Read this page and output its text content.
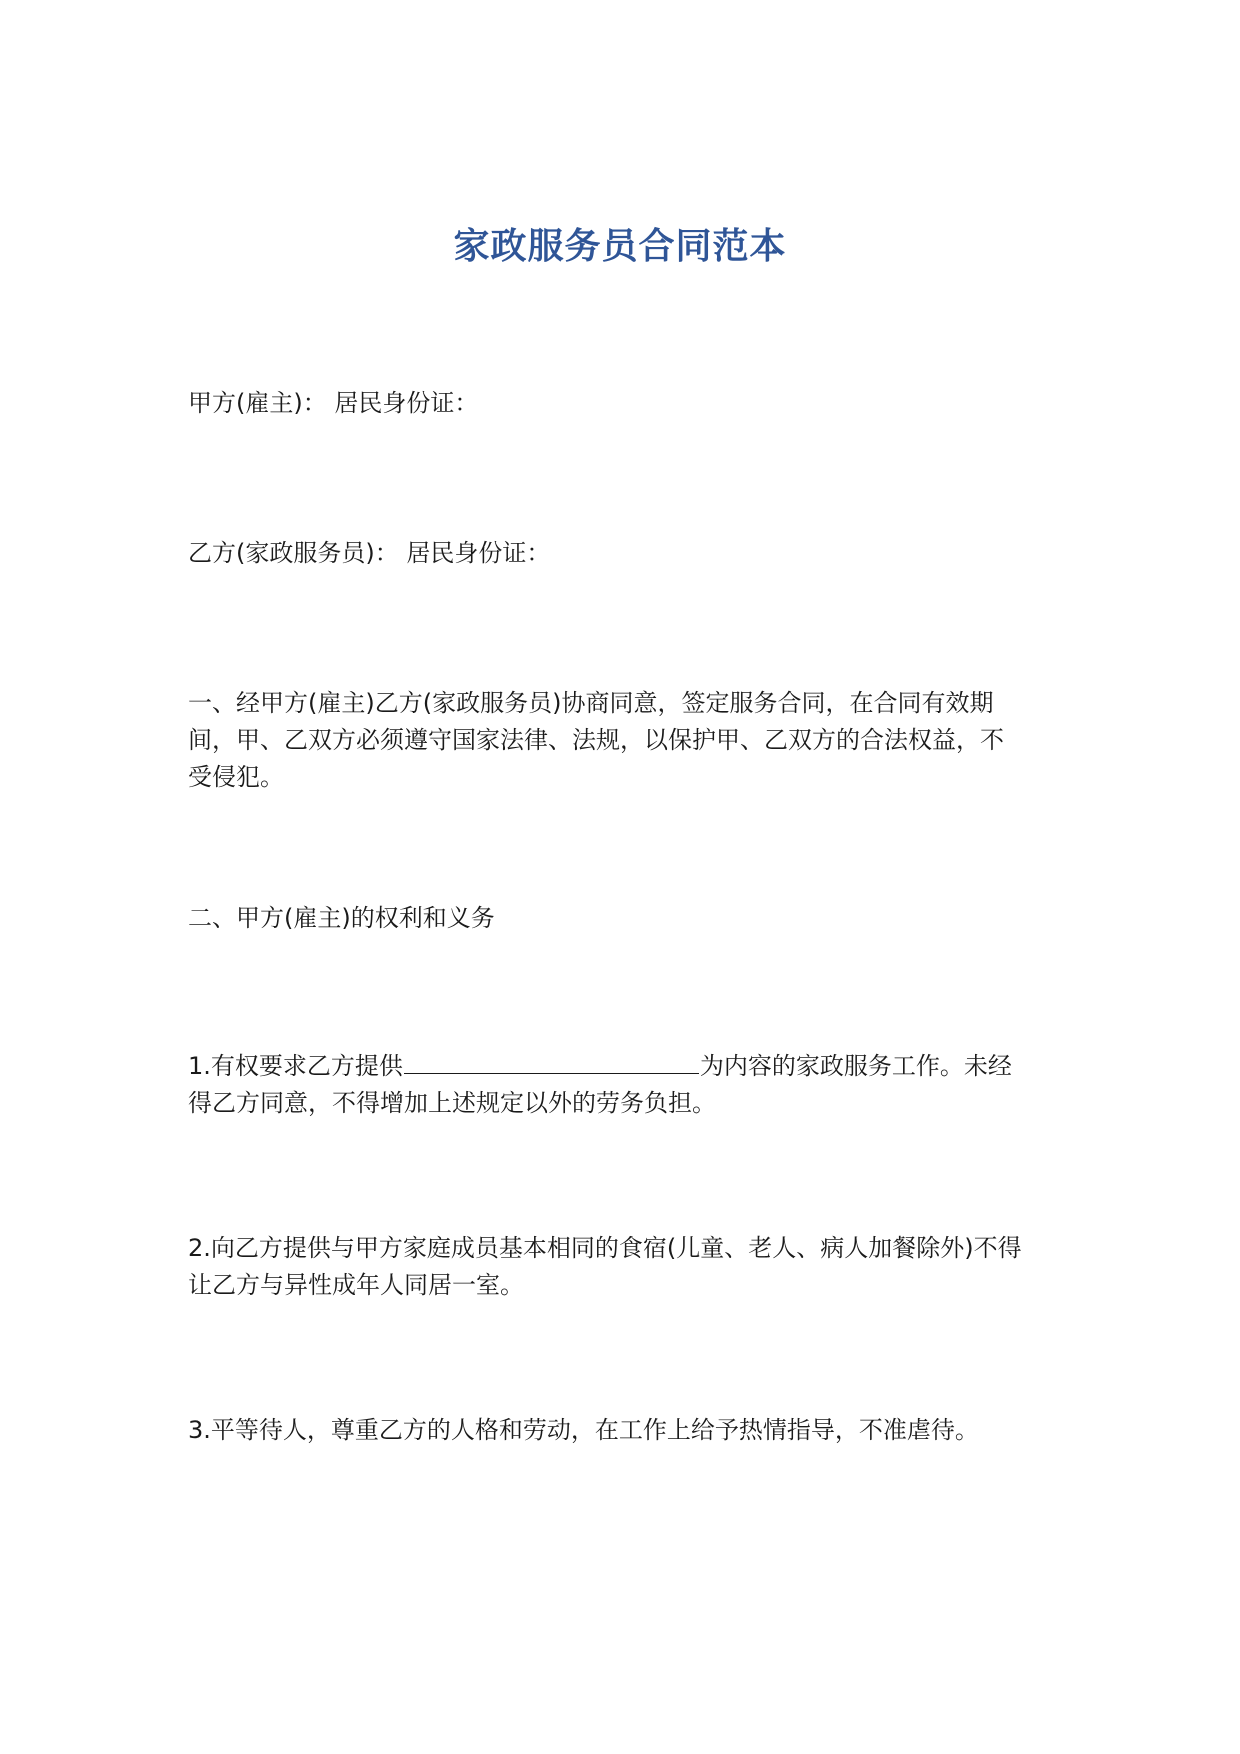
家政服务员合同范本
甲方(雇主)： 居民身份证：
乙方(家政服务员)： 居民身份证：
一、经甲方(雇主)乙方(家政服务员)协商同意，签定服务合同，在合同有效期
间，甲、乙双方必须遵守国家法律、法规，以保护甲、乙双方的合法权益，不
受侵犯。
二、甲方(雇主)的权利和义务
1.有权要求乙方提供	为内容的家政服务工作。未经
得乙方同意，不得增加上述规定以外的劳务负担。
2.向乙方提供与甲方家庭成员基本相同的食宿(儿童、老人、病人加餐除外)不得
让乙方与异性成年人同居一室。
3.平等待人，尊重乙方的人格和劳动，在工作上给予热情指导，不准虐待。
